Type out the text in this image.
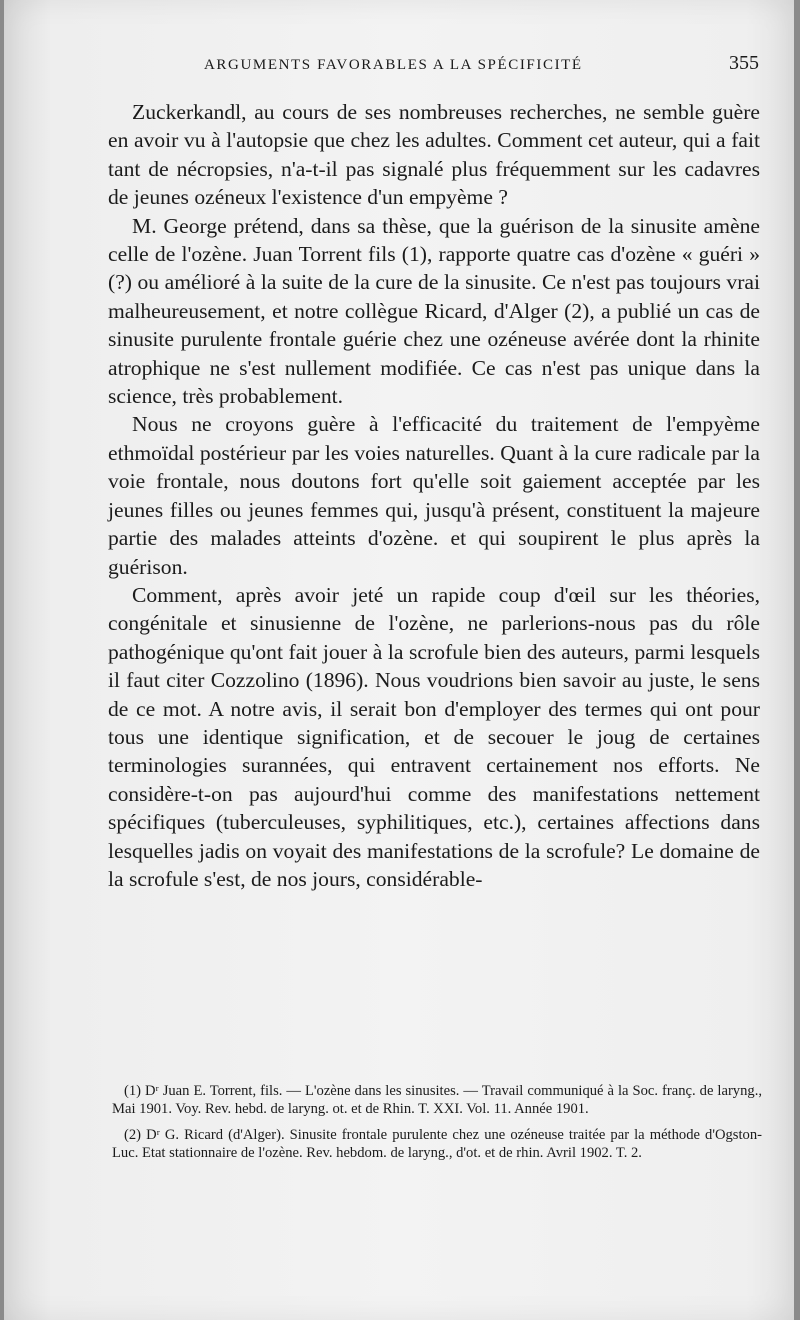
ARGUMENTS FAVORABLES A LA SPÉCIFICITÉ	355

Zuckerkandl, au cours de ses nombreuses recherches, ne semble guère en avoir vu à l'autopsie que chez les adultes. Comment cet auteur, qui a fait tant de nécropsies, n'a-t-il pas signalé plus fréquemment sur les cadavres de jeunes ozéneux l'existence d'un empyème ?

M. George prétend, dans sa thèse, que la guérison de la sinusite amène celle de l'ozène. Juan Torrent fils (1), rapporte quatre cas d'ozène « guéri » (?) ou amélioré à la suite de la cure de la sinusite. Ce n'est pas toujours vrai malheureusement, et notre collègue Ricard, d'Alger (2), a publié un cas de sinusite purulente frontale guérie chez une ozéneuse avérée dont la rhinite atrophique ne s'est nullement modifiée. Ce cas n'est pas unique dans la science, très probablement.

Nous ne croyons guère à l'efficacité du traitement de l'empyème ethmoïdal postérieur par les voies naturelles. Quant à la cure radicale par la voie frontale, nous doutons fort qu'elle soit gaiement acceptée par les jeunes filles ou jeunes femmes qui, jusqu'à présent, constituent la majeure partie des malades atteints d'ozène. et qui soupirent le plus après la guérison.

Comment, après avoir jeté un rapide coup d'œil sur les théories, congénitale et sinusienne de l'ozène, ne parlerions-nous pas du rôle pathogénique qu'ont fait jouer à la scrofule bien des auteurs, parmi lesquels il faut citer Cozzolino (1896). Nous voudrions bien savoir au juste, le sens de ce mot. A notre avis, il serait bon d'employer des termes qui ont pour tous une identique signification, et de secouer le joug de certaines terminologies surannées, qui entravent certainement nos efforts. Ne considère-t-on pas aujourd'hui comme des manifestations nettement spécifiques (tuberculeuses, syphilitiques, etc.), certaines affections dans lesquelles jadis on voyait des manifestations de la scrofule? Le domaine de la scrofule s'est, de nos jours, considérable-

(1) Dʳ Juan E. Torrent, fils. — L'ozène dans les sinusites. — Travail communiqué à la Soc. franç. de laryng., Mai 1901. Voy. Rev. hebd. de laryng. ot. et de Rhin. T. XXI. Vol. 11. Année 1901.

(2) Dʳ G. Ricard (d'Alger). Sinusite frontale purulente chez une ozéneuse traitée par la méthode d'Ogston-Luc. Etat stationnaire de l'ozène. Rev. hebdom. de laryng., d'ot. et de rhin. Avril 1902. T. 2.
